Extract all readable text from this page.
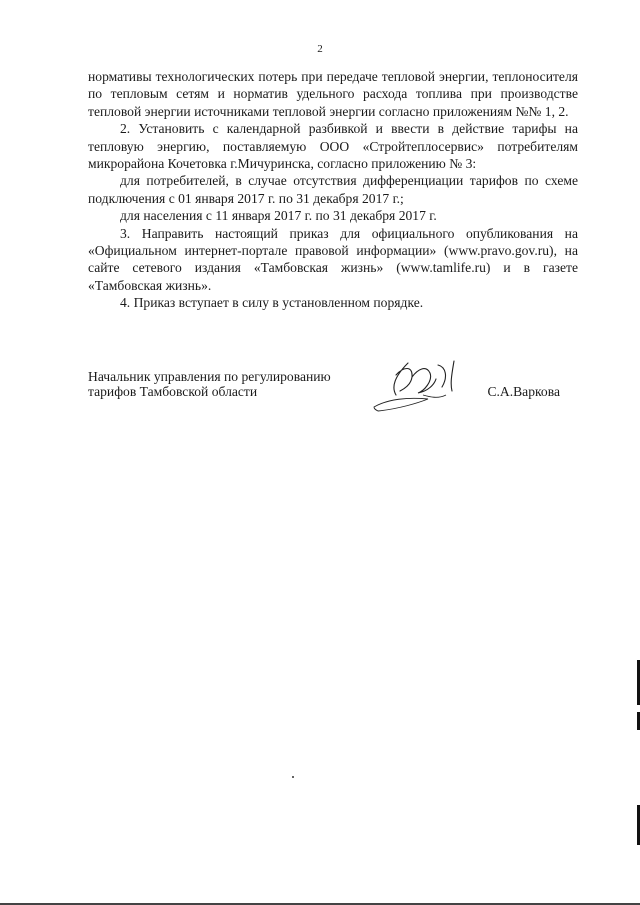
2

нормативы технологических потерь при передаче тепловой энергии, теплоносителя по тепловым сетям и норматив удельного расхода топлива при производстве тепловой энергии источниками тепловой энергии согласно приложениям №№ 1, 2.

2. Установить с календарной разбивкой и ввести в действие тарифы на тепловую энергию, поставляемую ООО «Стройтеплосервис» потребителям микрорайона Кочетовка г.Мичуринска, согласно приложению № 3:

для потребителей, в случае отсутствия дифференциации тарифов по схеме подключения с 01 января 2017 г. по 31 декабря 2017 г.;

для населения с 11 января 2017 г. по 31 декабря 2017 г.

3. Направить настоящий приказ для официального опубликования на «Официальном интернет-портале правовой информации» (www.pravo.gov.ru), на сайте сетевого издания «Тамбовская жизнь» (www.tamlife.ru) и в газете «Тамбовская жизнь».

4. Приказ вступает в силу в установленном порядке.

Начальник управления по регулированию
тарифов Тамбовской области	С.А.Варкова
